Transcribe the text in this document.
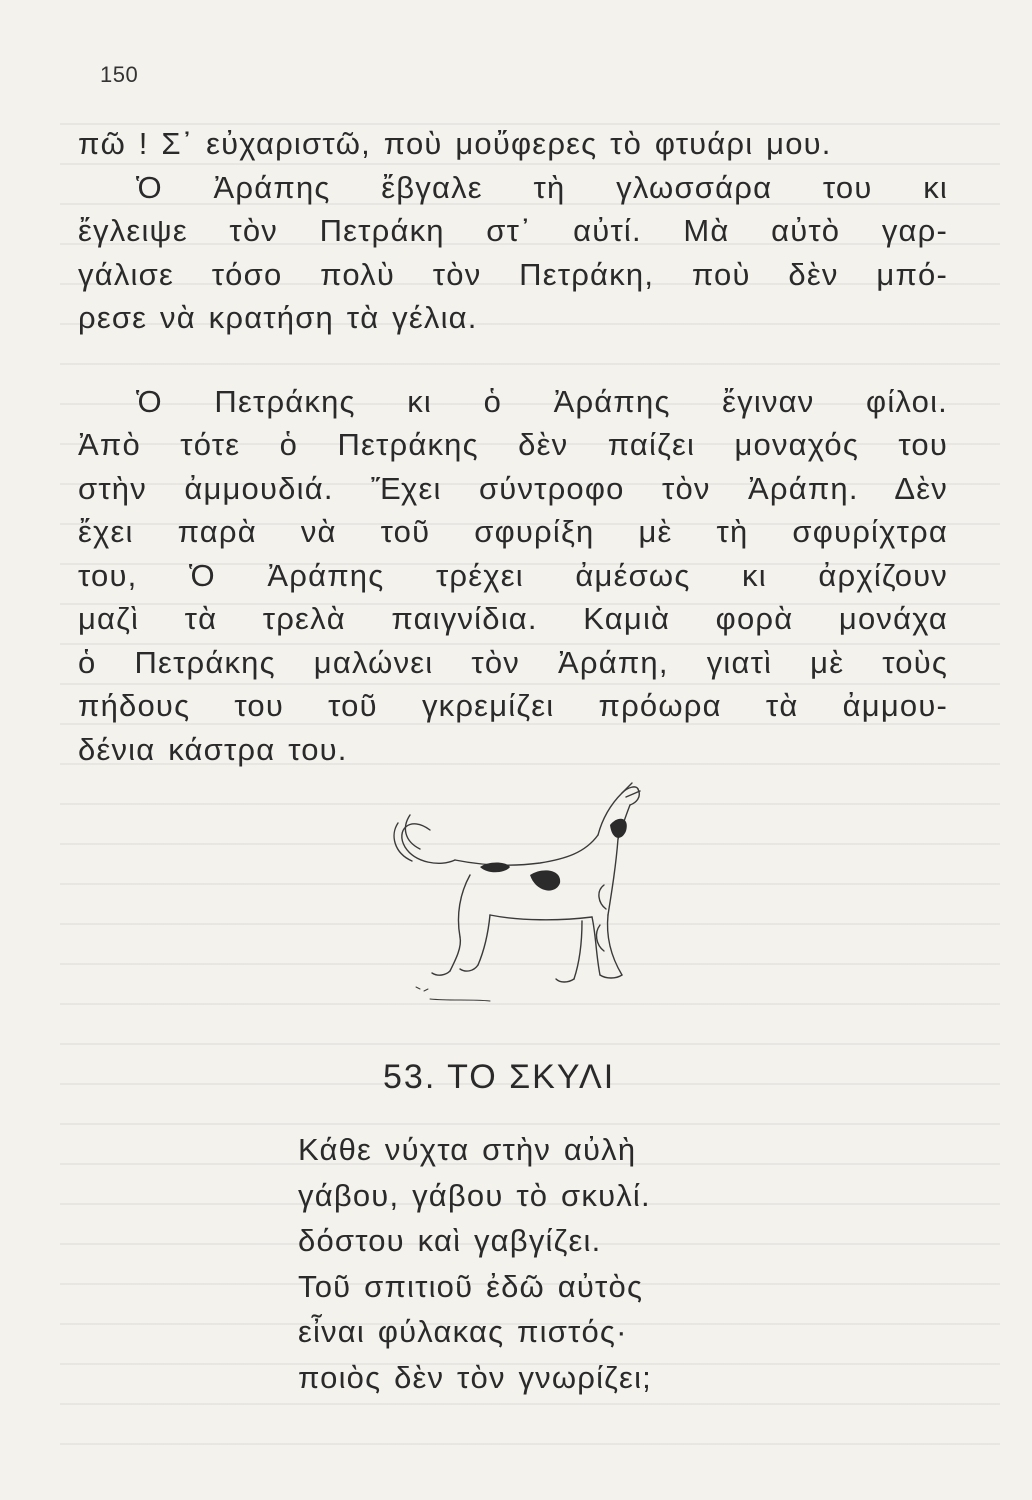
150
πῶ ! Σ᾽ εὐχαριστῶ, ποὺ μοὔφερες τὸ φτυάρι μου.
Ὁ Ἀράπης ἔβγαλε τὴ γλωσσάρα του κι
ἔγλειψε τὸν Πετράκη στ᾽ αὐτί. Μὰ αὐτὸ γαρ-
γάλισε τόσο πολὺ τὸν Πετράκη, ποὺ δὲν μπό-
ρεσε νὰ κρατήση τὰ γέλια.
Ὁ Πετράκης κι ὁ Ἀράπης ἔγιναν φίλοι.
Ἀπὸ τότε ὁ Πετράκης δὲν παίζει μοναχός του
στὴν ἀμμουδιά. Ἔχει σύντροφο τὸν Ἀράπη. Δὲν
ἔχει παρὰ νὰ τοῦ σφυρίξη μὲ τὴ σφυρίχτρα
του, Ὁ Ἀράπης τρέχει ἀμέσως κι ἀρχίζουν
μαζὶ τὰ τρελὰ παιγνίδια. Καμιὰ φορὰ μονάχα
ὁ Πετράκης μαλώνει τὸν Ἀράπη, γιατὶ μὲ τοὺς
πήδους του τοῦ γκρεμίζει πρόωρα τὰ ἀμμου-
δένια κάστρα του.
53. ΤΟ ΣΚΥΛΙ
Κάθε νύχτα στὴν αὐλὴ
γάβου, γάβου τὸ σκυλί.
δόστου καὶ γαβγίζει.
Τοῦ σπιτιοῦ ἐδῶ αὐτὸς
εἶναι φύλακας πιστός·
ποιὸς δὲν τὸν γνωρίζει;
